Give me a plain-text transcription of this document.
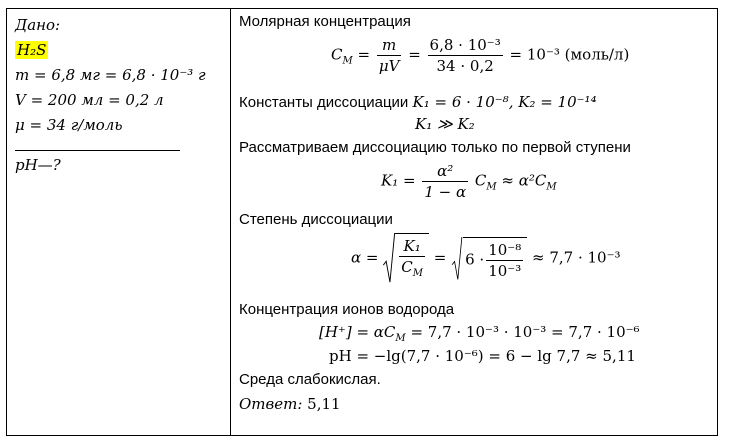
Дано:
H₂S
m = 6,8 мг = 6,8 · 10⁻³ г
V = 200 мл = 0,2 л
μ = 34 г/моль
pH—?
Молярная концентрация
$C_M = \frac{m}{\mu V} = \frac{\text{6,8 · 10⁻³}}{34 \cdot 0,2} = 10^{-3}$ (моль/л)
Константы диссоциации K₁ = 6 · 10⁻⁸, K₂ = 10⁻¹⁴
K₁ ≫ K₂
Рассматриваем диссоциацию только по первой ступени
$K_1 = \frac{\text{α²}}{1 - \alpha} C_M \approx \alpha^2C_M$
Степень диссоциации
$\alpha = \frac{\text{K₁}}{C_M}$ =
$6 \cdot \frac{\text{10⁻⁸}}{\text{10⁻³}} \approx 7,7 \cdot 10^{-3}$
Концентрация ионов водорода
$[H^+] = \alpha C_M = 7,7 \cdot 10^{-3} \cdot 10^{-3} = 7,7 \cdot 10^{-6}$
pH = −lg(7,7 · 10⁻⁶) = 6 − lg 7,7 ≈ 5,11
Среда слабокислая.
Ответ: 5,11
